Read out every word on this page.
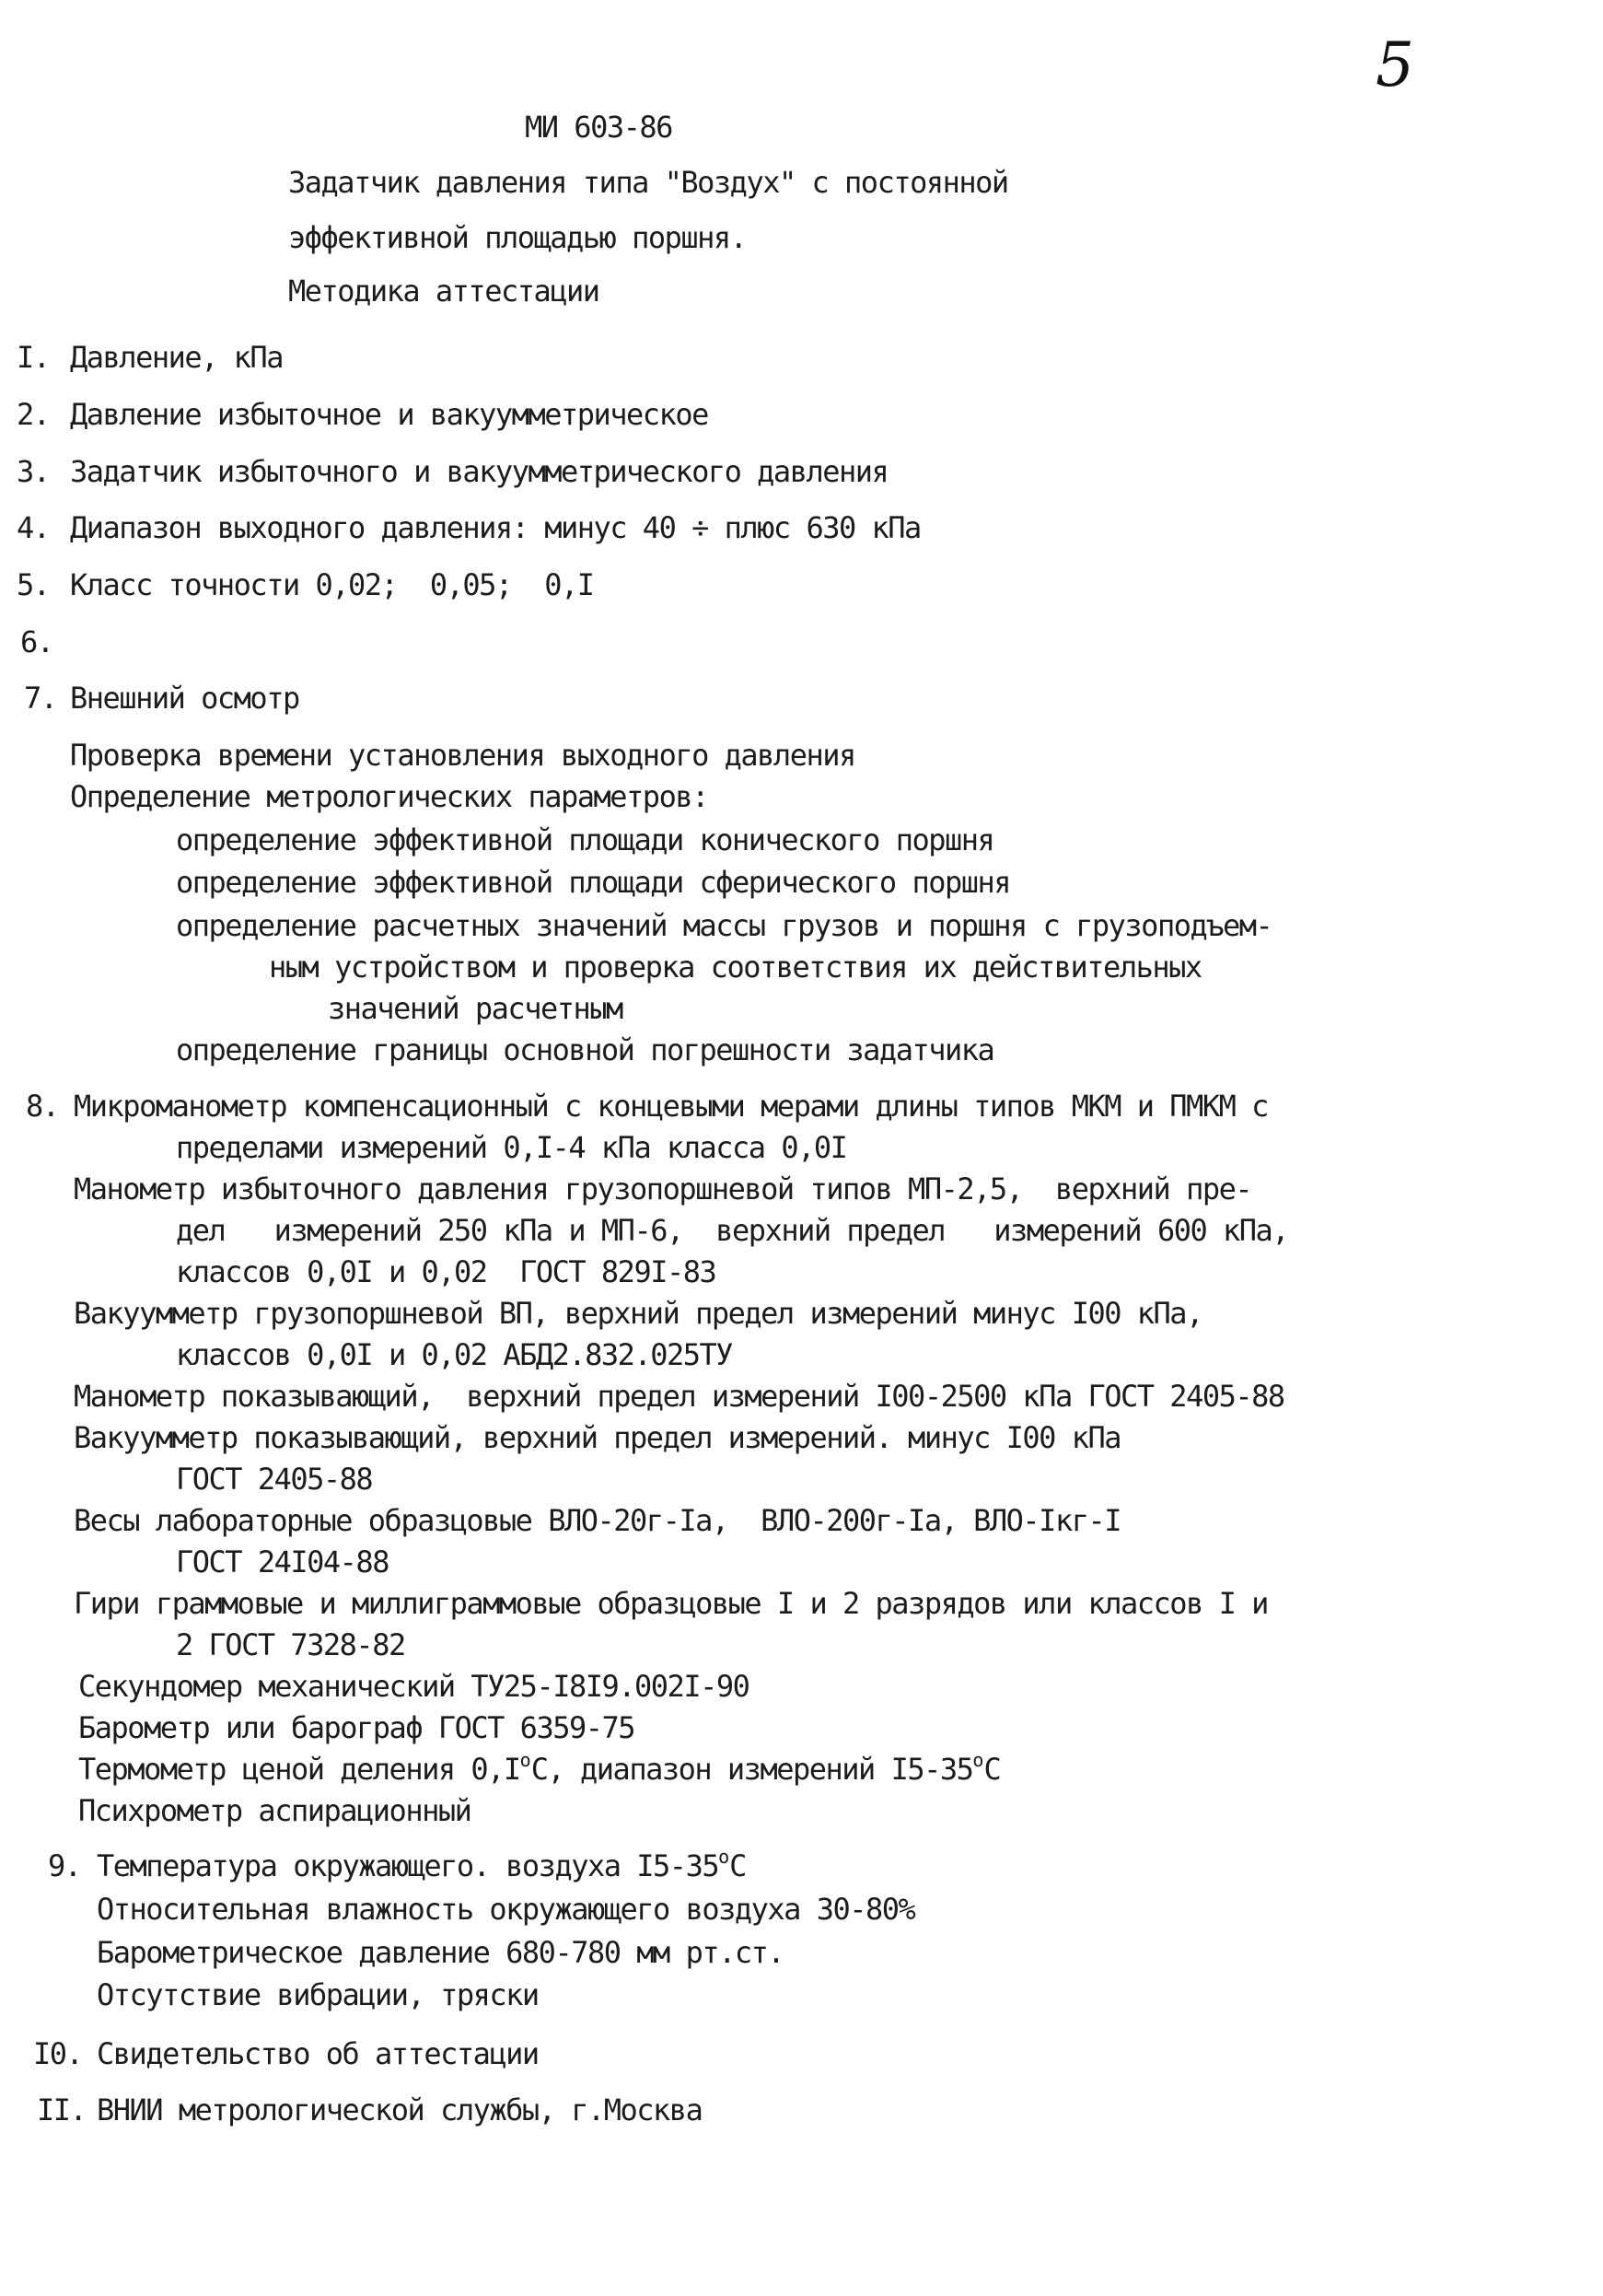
5
МИ 603-86
Задатчик давления типа "Воздух" с постоянной
эффективной площадью поршня.
Методика аттестации
I. Давление, кПа
2. Давление избыточное и вакуумметрическое
3. Задатчик избыточного и вакуумметрического давления
4. Диапазон выходного давления: минус 40 ÷ плюс 630 кПа
5. Класс точности 0,02;  0,05;  0,I
6.
7. Внешний осмотр
Проверка времени установления выходного давления
Определение метрологических параметров:
определение эффективной площади конического поршня
определение эффективной площади сферического поршня
определение расчетных значений массы грузов и поршня с грузоподъем-
ным устройством и проверка соответствия их действительных
значений расчетным
определение границы основной погрешности задатчика
8. Микроманометр компенсационный с концевыми мерами длины типов МКМ и ПМКМ с
пределами измерений 0,I-4 кПа класса 0,0I
Манометр избыточного давления грузопоршневой типов МП-2,5,  верхний пре-
дел   измерений 250 кПа и МП-6,  верхний предел   измерений 600 кПа,
классов 0,0I и 0,02  ГОСТ 829I-83
Вакуумметр грузопоршневой ВП, верхний предел измерений минус I00 кПа,
классов 0,0I и 0,02 АБД2.832.025ТУ
Манометр показывающий,  верхний предел измерений I00-2500 кПа ГОСТ 2405-88
Вакуумметр показывающий, верхний предел измерений. минус I00 кПа
ГОСТ 2405-88
Весы лабораторные образцовые ВЛО-20г-Iа,  ВЛО-200г-Iа, ВЛО-Iкг-I
ГОСТ 24I04-88
Гири граммовые и миллиграммовые образцовые I и 2 разрядов или классов I и
2 ГОСТ 7328-82
Секундомер механический ТУ25-I8I9.002I-90
Барометр или барограф ГОСТ 6359-75
Термометр ценой деления $0,I^оС$, диапазон измерений $I5-35^оС$
Психрометр аспирационный
9. Температура окружающего. воздуха $I5-35^оС$
Относительная влажность окружающего воздуха 30-80%
Барометрическое давление 680-780 мм рт.ст.
Отсутствие вибрации, тряски
I0. Свидетельство об аттестации
II. ВНИИ метрологической службы, г.Москва
